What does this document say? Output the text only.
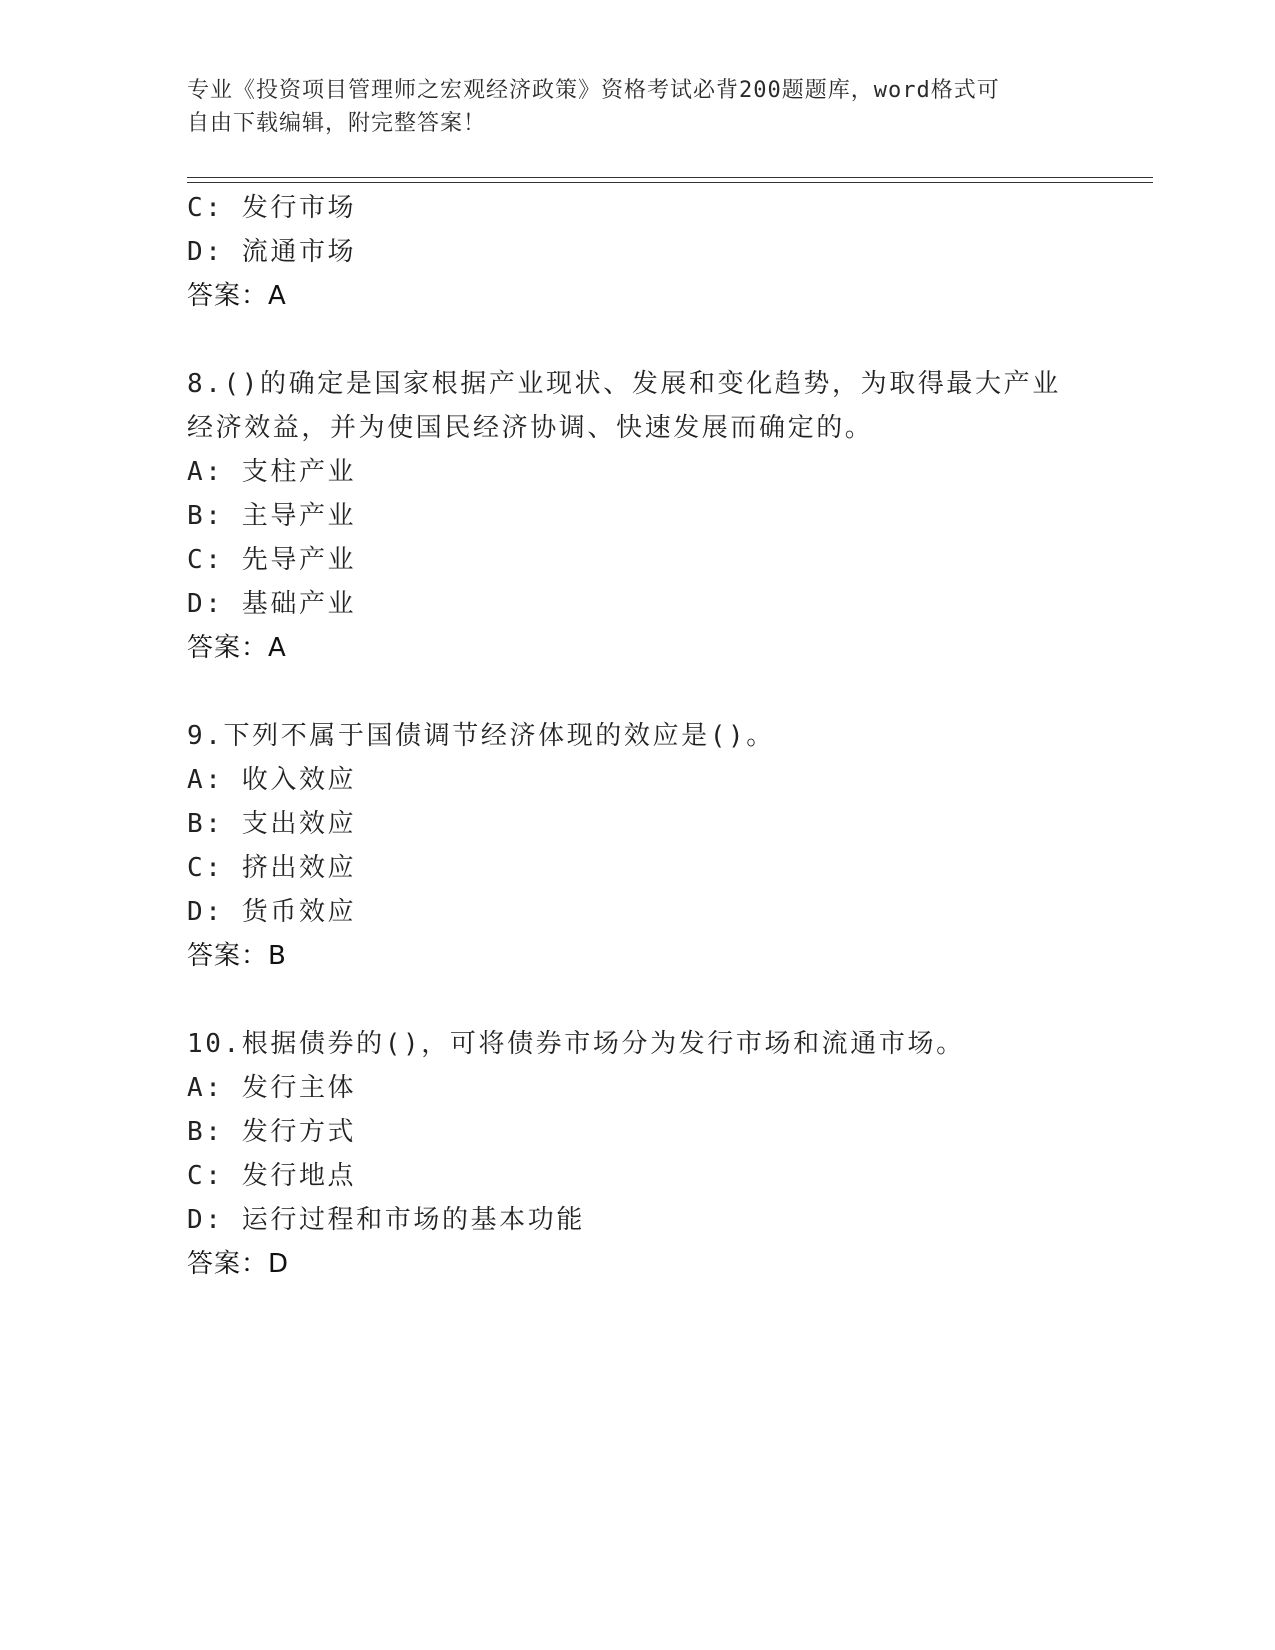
专业《投资项目管理师之宏观经济政策》资格考试必背200题题库，word格式可
自由下载编辑，附完整答案！
C: 发行市场
D: 流通市场
答案：A
8.()的确定是国家根据产业现状、发展和变化趋势，为取得最大产业
经济效益，并为使国民经济协调、快速发展而确定的。
A: 支柱产业
B: 主导产业
C: 先导产业
D: 基础产业
答案：A
9.下列不属于国债调节经济体现的效应是()。
A: 收入效应
B: 支出效应
C: 挤出效应
D: 货币效应
答案：B
10.根据债券的()，可将债券市场分为发行市场和流通市场。
A: 发行主体
B: 发行方式
C: 发行地点
D: 运行过程和市场的基本功能
答案：D
